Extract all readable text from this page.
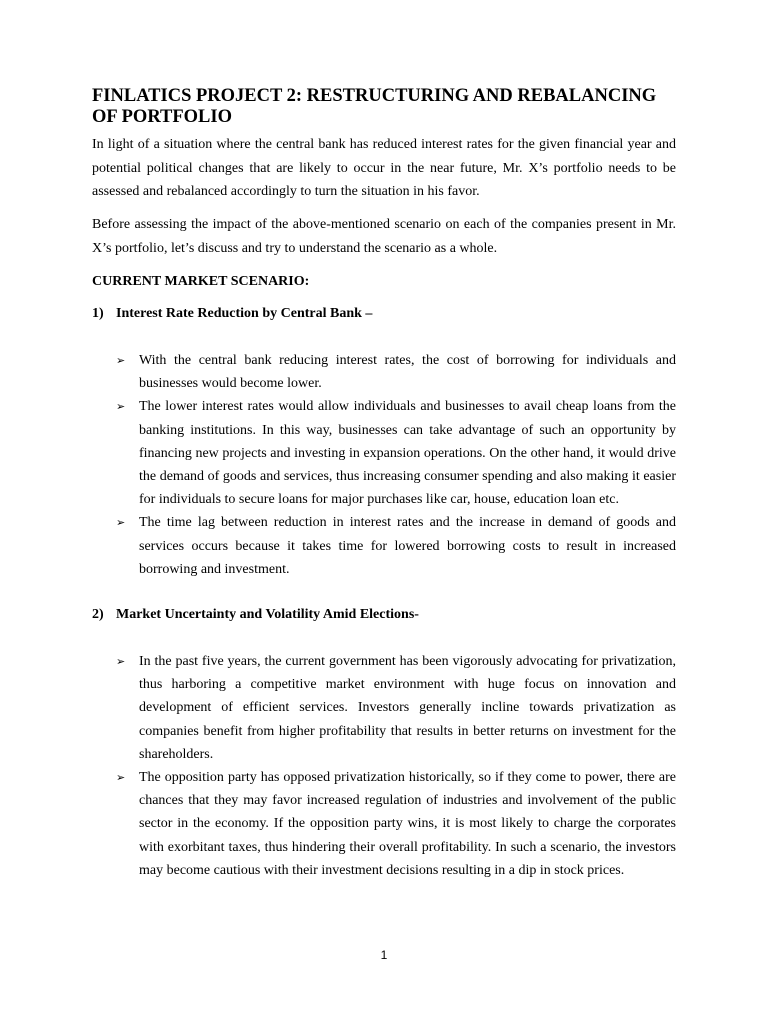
FINLATICS PROJECT 2: RESTRUCTURING AND REBALANCING OF PORTFOLIO

In light of a situation where the central bank has reduced interest rates for the given financial year and potential political changes that are likely to occur in the near future, Mr. X’s portfolio needs to be assessed and rebalanced accordingly to turn the situation in his favor.

Before assessing the impact of the above-mentioned scenario on each of the companies present in Mr. X’s portfolio, let’s discuss and try to understand the scenario as a whole.

CURRENT MARKET SCENARIO:
1) Interest Rate Reduction by Central Bank –
➢ With the central bank reducing interest rates, the cost of borrowing for individuals and businesses would become lower.
➢ The lower interest rates would allow individuals and businesses to avail cheap loans from the banking institutions. In this way, businesses can take advantage of such an opportunity by financing new projects and investing in expansion operations. On the other hand, it would drive the demand of goods and services, thus increasing consumer spending and also making it easier for individuals to secure loans for major purchases like car, house, education loan etc.
➢ The time lag between reduction in interest rates and the increase in demand of goods and services occurs because it takes time for lowered borrowing costs to result in increased borrowing and investment.
2) Market Uncertainty and Volatility Amid Elections-
➢ In the past five years, the current government has been vigorously advocating for privatization, thus harboring a competitive market environment with huge focus on innovation and development of efficient services. Investors generally incline towards privatization as companies benefit from higher profitability that results in better returns on investment for the shareholders.
➢ The opposition party has opposed privatization historically, so if they come to power, there are chances that they may favor increased regulation of industries and involvement of the public sector in the economy. If the opposition party wins, it is most likely to charge the corporates with exorbitant taxes, thus hindering their overall profitability. In such a scenario, the investors may become cautious with their investment decisions resulting in a dip in stock prices.
1
